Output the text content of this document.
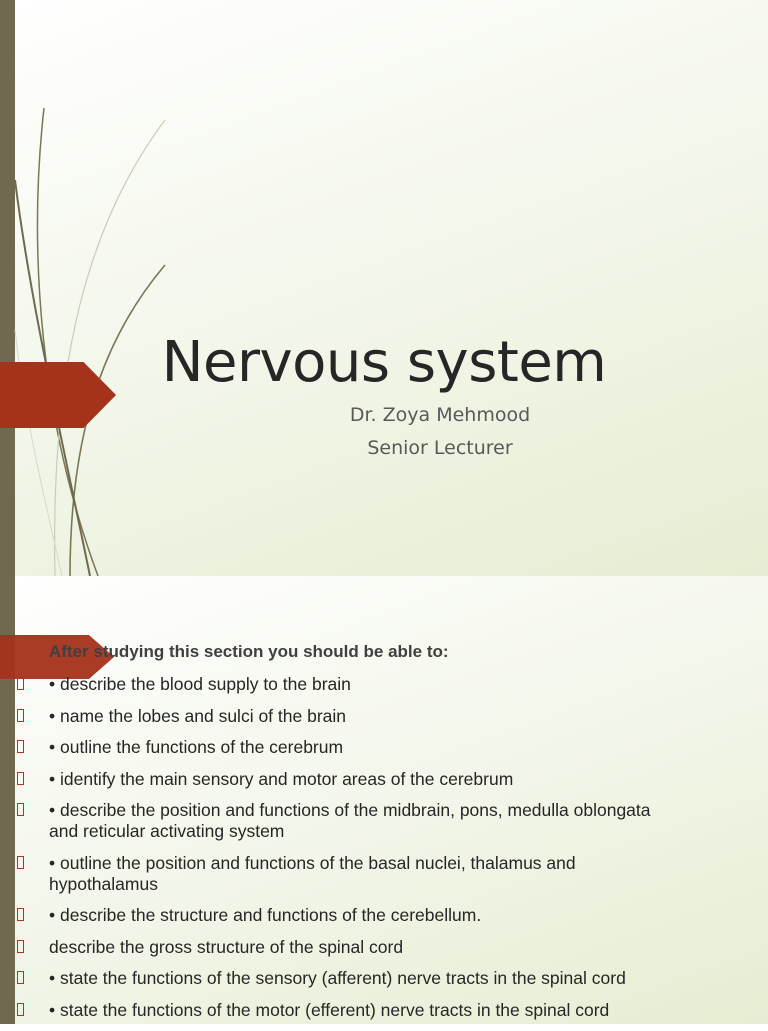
Nervous system
Dr. Zoya Mehmood
Senior Lecturer
After studying this section you should be able to:
• describe the blood supply to the brain
• name the lobes and sulci of the brain
• outline the functions of the cerebrum
• identify the main sensory and motor areas of the cerebrum
• describe the position and functions of the midbrain, pons, medulla oblongata and reticular activating system
• outline the position and functions of the basal nuclei, thalamus and hypothalamus
• describe the structure and functions of the cerebellum.
describe the gross structure of the spinal cord
• state the functions of the sensory (afferent) nerve tracts in the spinal cord
• state the functions of the motor (efferent) nerve tracts in the spinal cord
